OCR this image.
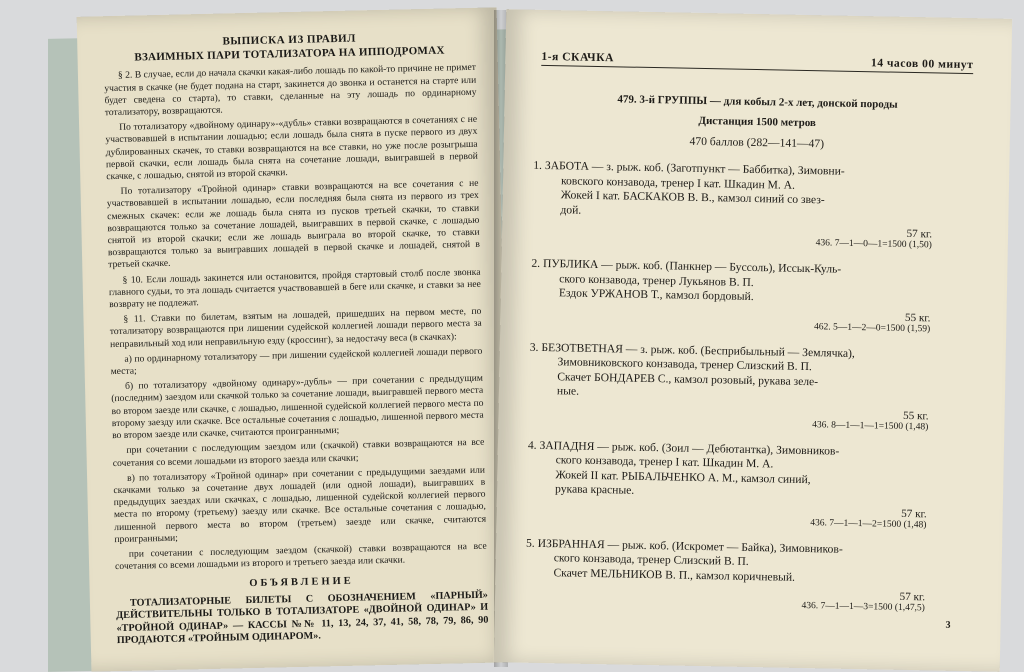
ВЫПИСКА ИЗ ПРАВИЛ
ВЗАИМНЫХ ПАРИ ТОТАЛИЗАТОРА НА ИППОДРОМАХ

§ 2. В случае, если до начала скачки какая-либо лошадь по какой-то причине не примет участия в скачке (не будет подана на старт, закинется до звонка и останется на старте или будет сведена со старта), то ставки, сделанные на эту лошадь по ординарному тотализатору, возвращаются.

По тотализатору «двойному одинару»-«дубль» ставки возвращаются в сочетаниях с не участвовавшей в испытании лошадью; если лошадь была снята в пуске первого из двух дублированных скачек, то ставки возвращаются на все ставки, но уже после розыгрыша первой скачки, если лошадь была снята на сочетание лошади, выигравшей в первой скачке, с лошадью, снятой из второй скачки.

По тотализатору «Тройной одинар» ставки возвращаются на все сочетания с не участвовавшей в испытании лошадью, если последняя была снята из первого из трех смежных скачек: если же лошадь была снята из пусков третьей скачки, то ставки возвращаются только за сочетание лошадей, выигравших в первой скачке, с лошадью снятой из второй скачки; если же лошадь выиграла во второй скачке, то ставки возвращаются только за выигравших лошадей в первой скачке и лошадей, снятой в третьей скачке.

§ 10. Если лошадь закинется или остановится, пройдя стартовый столб после звонка главного судьи, то эта лошадь считается участвовавшей в беге или скачке, и ставки за нее возврату не подлежат.

§ 11. Ставки по билетам, взятым на лошадей, пришедших на первом месте, по тотализатору возвращаются при лишении судейской коллегией лошади первого места за неправильный ход или неправильную езду (кроссинг), за недостачу веса (в скачках):

а) по ординарному тотализатору — при лишении судейской коллегией лошади первого места;

б) по тотализатору «двойному одинару»-дубль» — при сочетании с предыдущим (последним) заездом или скачкой только за сочетание лошади, выигравшей первого места во втором заезде или скачке, с лошадью, лишенной судейской коллегией первого места по второму заезду или скачке. Все остальные сочетания с лошадью, лишенной первого места во втором заезде или скачке, считаются проигранными;

при сочетании с последующим заездом или (скачкой) ставки возвращаются на все сочетания со всеми лошадьми из второго заезда или скачки;

в) по тотализатору «Тройной одинар» при сочетании с предыдущими заездами или скачками только за сочетание двух лошадей (или одной лошади), выигравших в предыдущих заездах или скачках, с лошадью, лишенной судейской коллегией первого места по второму (третьему) заезду или скачке. Все остальные сочетания с лошадью, лишенной первого места во втором (третьем) заезде или скачке, считаются проигранными;

при сочетании с последующим заездом (скачкой) ставки возвращаются на все сочетания со всеми лошадьми из второго и третьего заезда или скачки.

ОБЪЯВЛЕНИЕ

ТОТАЛИЗАТОРНЫЕ БИЛЕТЫ С ОБОЗНАЧЕНИЕМ «ПАРНЫЙ» ДЕЙСТВИТЕЛЬНЫ ТОЛЬКО В ТОТАЛИЗАТОРЕ «ДВОЙНОЙ ОДИНАР» И «ТРОЙНОЙ ОДИНАР» — КАССЫ №№ 11, 13, 24, 37, 41, 58, 78, 79, 86, 90 ПРОДАЮТСЯ «ТРОЙНЫМ ОДИНАРОМ».

1-я СКАЧКА	14 часов 00 минут
479. 3-й ГРУППЫ — для кобыл 2-х лет, донской породы
Дистанция 1500 метров
470 баллов (282—141—47)
1. ЗАБОТА — з. рыж. коб. (Заготпункт — Баббитка), Зимовни-
ковского конзавода, тренер I кат. Шкадин М. А.
Жокей I кат. БАСКАКОВ В. В., камзол синий со звез-
дой.
57 кг.
436. 7—1—0—1=1500 (1,50)
2. ПУБЛИКА — рыж. коб. (Панкнер — Буссоль), Иссык-Куль-
ского конзавода, тренер Лукьянов В. П.
Ездок УРЖАНОВ Т., камзол бордовый.
55 кг.
462. 5—1—2—0=1500 (1,59)
3. БЕЗОТВЕТНАЯ — з. рыж. коб. (Бесприбыльный — Землячка),
Зимовниковского конзавода, тренер Слизский В. П.
Скачет БОНДАРЕВ С., камзол розовый, рукава зеле-
ные.
55 кг.
436. 8—1—1—1=1500 (1,48)
4. ЗАПАДНЯ — рыж. коб. (Зоил — Дебютантка), Зимовников-
ского конзавода, тренер I кат. Шкадин М. А.
Жокей II кат. РЫБАЛЬЧЕНКО А. М., камзол синий,
рукава красные.
57 кг.
436. 7—1—1—2=1500 (1,48)
5. ИЗБРАННАЯ — рыж. коб. (Искромет — Байка), Зимовников-
ского конзавода, тренер Слизский В. П.
Скачет МЕЛЬНИКОВ В. П., камзол коричневый.
57 кг.
436. 7—1—1—3=1500 (1,47,5)
3
